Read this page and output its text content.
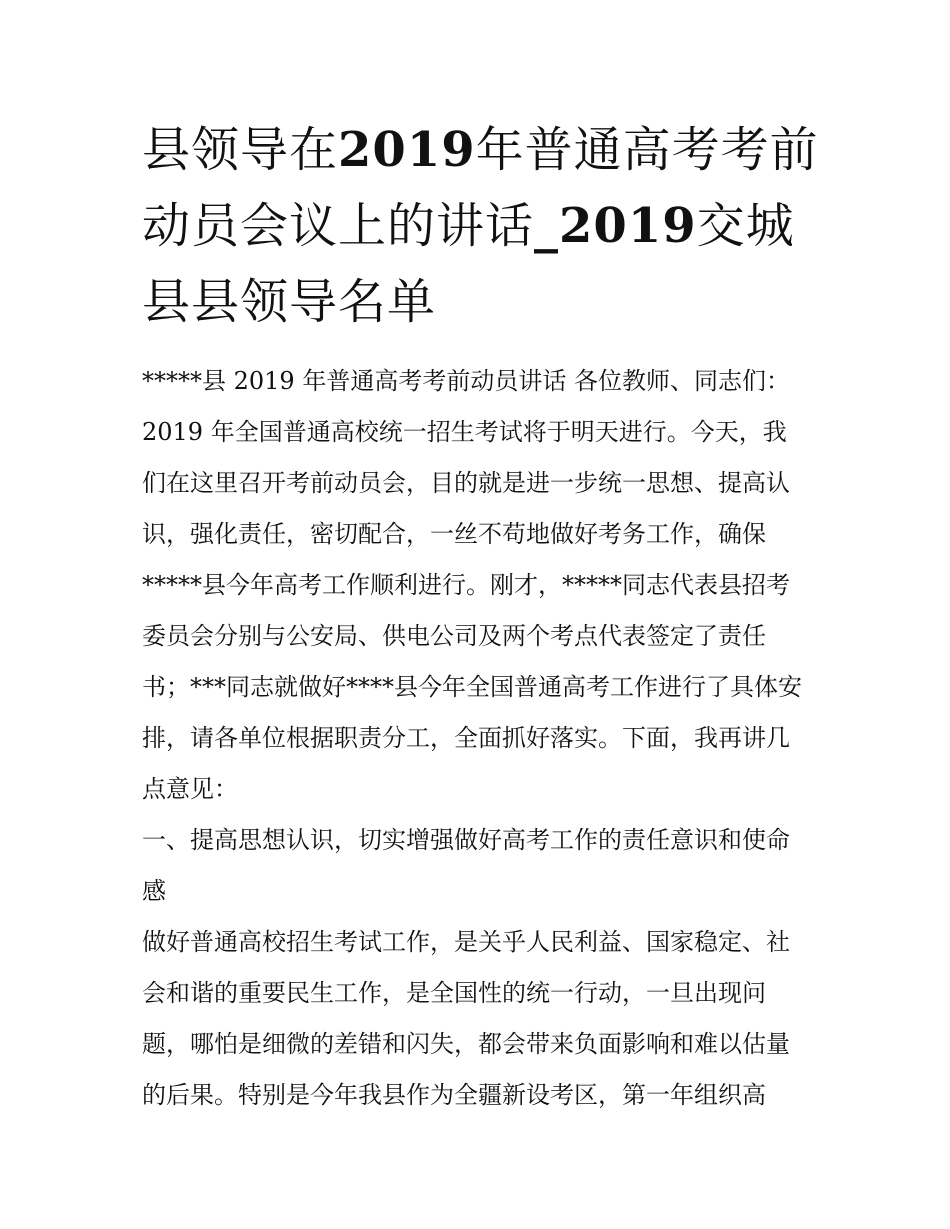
县领导在2019年普通高考考前
动员会议上的讲话_2019交城
县县领导名单
*****县 2019 年普通高考考前动员讲话 各位教师、同志们：
2019 年全国普通高校统一招生考试将于明天进行。今天，我
们在这里召开考前动员会，目的就是进一步统一思想、提高认
识，强化责任，密切配合，一丝不苟地做好考务工作，确保
*****县今年高考工作顺利进行。刚才，*****同志代表县招考
委员会分别与公安局、供电公司及两个考点代表签定了责任
书；***同志就做好****县今年全国普通高考工作进行了具体安
排，请各单位根据职责分工，全面抓好落实。下面，我再讲几
点意见：
一、提高思想认识，切实增强做好高考工作的责任意识和使命
感
做好普通高校招生考试工作，是关乎人民利益、国家稳定、社
会和谐的重要民生工作，是全国性的统一行动，一旦出现问
题，哪怕是细微的差错和闪失，都会带来负面影响和难以估量
的后果。特别是今年我县作为全疆新设考区，第一年组织高
